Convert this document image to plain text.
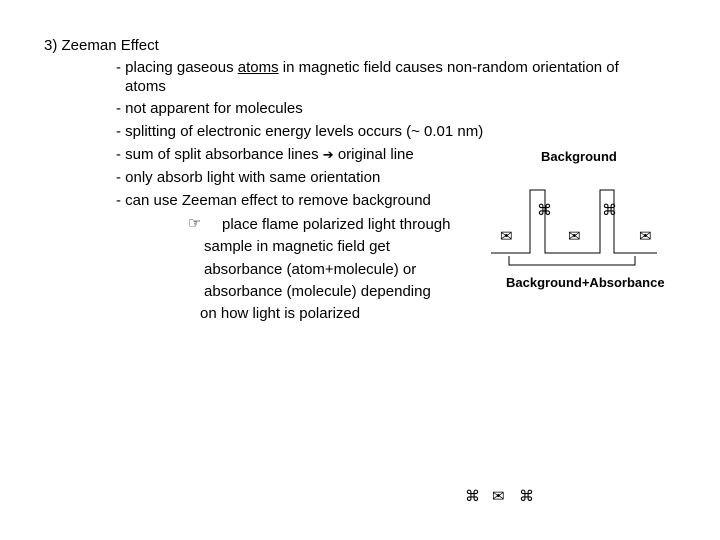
3) Zeeman Effect
- placing gaseous atoms in magnetic field causes non-random orientation of
atoms
- not apparent for molecules
- splitting of electronic energy levels occurs (~ 0.01 nm)
- sum of split absorbance lines ➔ original line
- only absorb light with same orientation
- can use Zeeman effect to remove background
☞ place flame polarized light through
sample in magnetic field get
absorbance (atom+molecule) or
absorbance (molecule) depending
on how light is polarized
Background
Background+Absorbance
⌘	⌘
✉	✉	✉
⌘ ✉ ⌘
